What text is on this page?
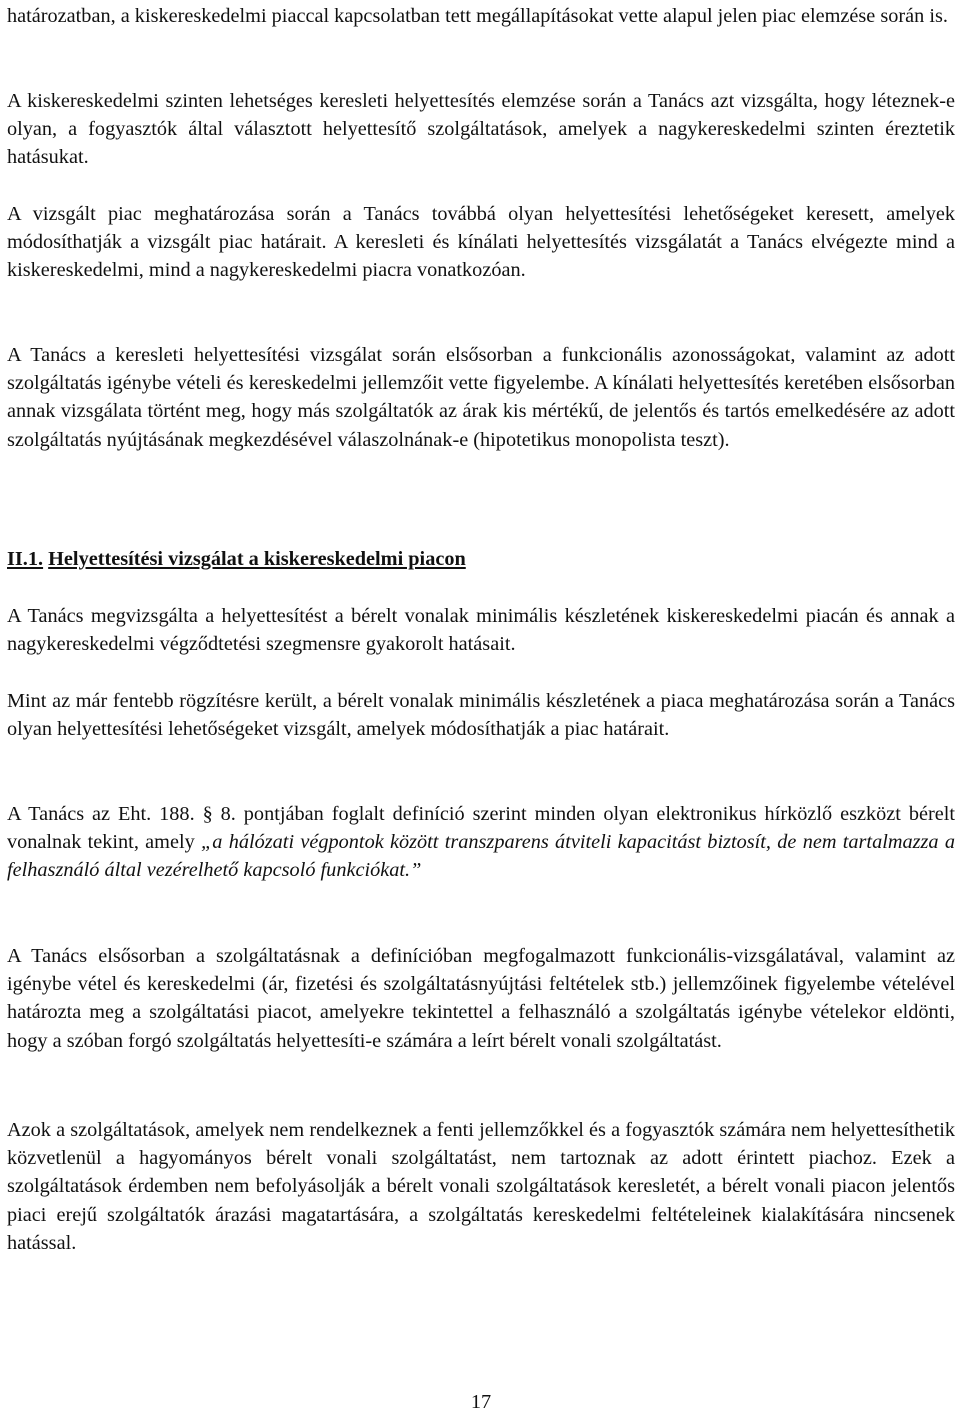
határozatban, a kiskereskedelmi piaccal kapcsolatban tett megállapításokat vette alapul jelen piac elemzése során is.

A kiskereskedelmi szinten lehetséges keresleti helyettesítés elemzése során a Tanács azt vizsgálta, hogy léteznek-e olyan, a fogyasztók által választott helyettesítő szolgáltatások, amelyek a nagykereskedelmi szinten éreztetik hatásukat.

A vizsgált piac meghatározása során a Tanács továbbá olyan helyettesítési lehetőségeket keresett, amelyek módosíthatják a vizsgált piac határait. A keresleti és kínálati helyettesítés vizsgálatát a Tanács elvégezte mind a kiskereskedelmi, mind a nagykereskedelmi piacra vonatkozóan.

A Tanács a keresleti helyettesítési vizsgálat során elsősorban a funkcionális azonosságokat, valamint az adott szolgáltatás igénybe vételi és kereskedelmi jellemzőit vette figyelembe. A kínálati helyettesítés keretében elsősorban annak vizsgálata történt meg, hogy más szolgáltatók az árak kis mértékű, de jelentős és tartós emelkedésére az adott szolgáltatás nyújtásának megkezdésével válaszolnának-e (hipotetikus monopolista teszt).

II.1. Helyettesítési vizsgálat a kiskereskedelmi piacon

A Tanács megvizsgálta a helyettesítést a bérelt vonalak minimális készletének kiskereskedelmi piacán és annak a nagykereskedelmi végződtetési szegmensre gyakorolt hatásait.

Mint az már fentebb rögzítésre került, a bérelt vonalak minimális készletének a piaca meghatározása során a Tanács olyan helyettesítési lehetőségeket vizsgált, amelyek módosíthatják a piac határait.

A Tanács az Eht. 188. § 8. pontjában foglalt definíció szerint minden olyan elektronikus hírközlő eszközt bérelt vonalnak tekint, amely „a hálózati végpontok között transzparens átviteli kapacitást biztosít, de nem tartalmazza a felhasználó által vezérelhető kapcsoló funkciókat.”

A Tanács elsősorban a szolgáltatásnak a definícióban megfogalmazott funkcionális-vizsgálatával, valamint az igénybe vétel és kereskedelmi (ár, fizetési és szolgáltatásnyújtási feltételek stb.) jellemzőinek figyelembe vételével határozta meg a szolgáltatási piacot, amelyekre tekintettel a felhasználó a szolgáltatás igénybe vételekor eldönti, hogy a szóban forgó szolgáltatás helyettesíti-e számára a leírt bérelt vonali szolgáltatást.

Azok a szolgáltatások, amelyek nem rendelkeznek a fenti jellemzőkkel és a fogyasztók számára nem helyettesíthetik közvetlenül a hagyományos bérelt vonali szolgáltatást, nem tartoznak az adott érintett piachoz. Ezek a szolgáltatások érdemben nem befolyásolják a bérelt vonali szolgáltatások keresletét, a bérelt vonali piacon jelentős piaci erejű szolgáltatók árazási magatartására, a szolgáltatás kereskedelmi feltételeinek kialakítására nincsenek hatással.

17
